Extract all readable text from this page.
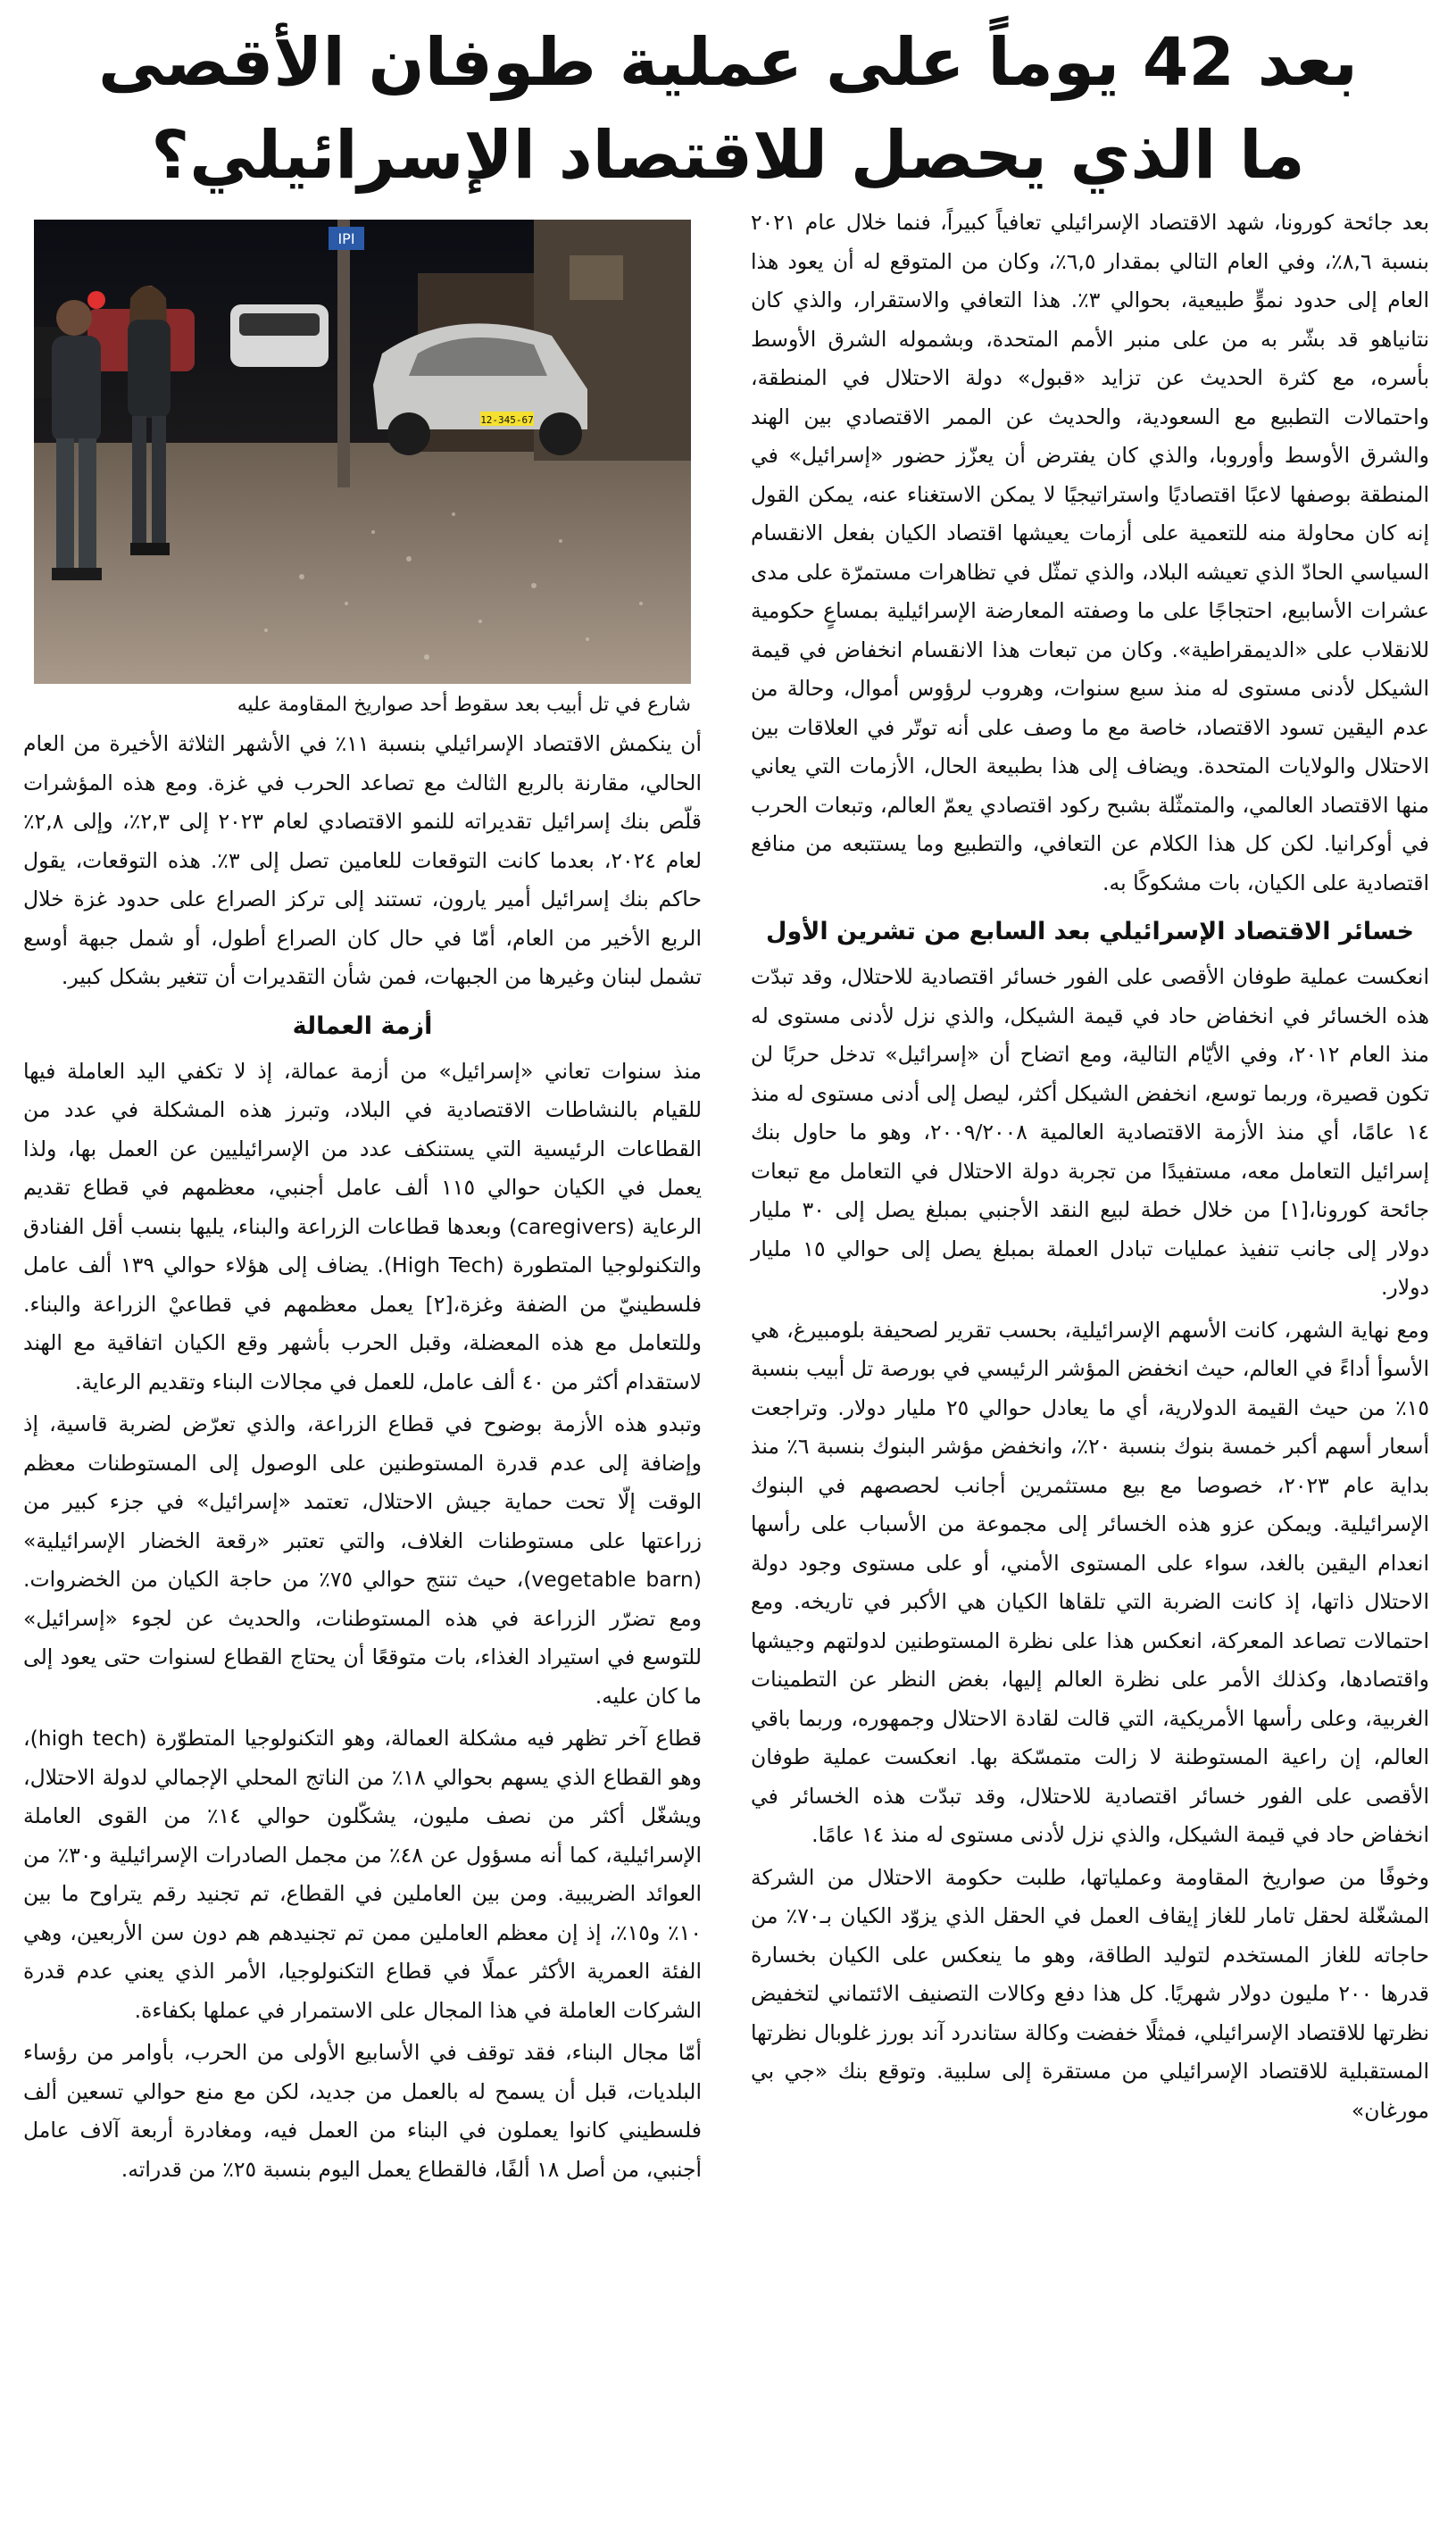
بعد 42 يوماً على عملية طوفان الأقصى
ما الذي يحصل للاقتصاد الإسرائيلي؟

بعد جائحة كورونا، شهد الاقتصاد الإسرائيلي تعافياً كبيراً، فنما خلال عام ٢٠٢١ بنسبة ٨,٦٪، وفي العام التالي بمقدار ٦,٥٪، وكان من المتوقع له أن يعود هذا العام إلى حدود نموٍّ طبيعية، بحوالي ٣٪. هذا التعافي والاستقرار، والذي كان نتانياهو قد بشّر به من على منبر الأمم المتحدة، وبشموله الشرق الأوسط بأسره، مع كثرة الحديث عن تزايد «قبول» دولة الاحتلال في المنطقة، واحتمالات التطبيع مع السعودية، والحديث عن الممر الاقتصادي بين الهند والشرق الأوسط وأوروبا، والذي كان يفترض أن يعزّز حضور «إسرائيل» في المنطقة بوصفها لاعبًا اقتصاديًا واستراتيجيًا لا يمكن الاستغناء عنه، يمكن القول إنه كان محاولة منه للتعمية على أزمات يعيشها اقتصاد الكيان بفعل الانقسام السياسي الحادّ الذي تعيشه البلاد، والذي تمثّل في تظاهرات مستمرّة على مدى عشرات الأسابيع، احتجاجًا على ما وصفته المعارضة الإسرائيلية بمساعٍ حكومية للانقلاب على «الديمقراطية». وكان من تبعات هذا الانقسام انخفاض في قيمة الشيكل لأدنى مستوى له منذ سبع سنوات، وهروب لرؤوس أموال، وحالة من عدم اليقين تسود الاقتصاد، خاصة مع ما وصف على أنه توتّر في العلاقات بين الاحتلال والولايات المتحدة. ويضاف إلى هذا بطبيعة الحال، الأزمات التي يعاني منها الاقتصاد العالمي، والمتمثّلة بشبح ركود اقتصادي يعمّ العالم، وتبعات الحرب في أوكرانيا. لكن كل هذا الكلام عن التعافي، والتطبيع وما يستتبعه من منافع اقتصادية على الكيان، بات مشكوكًا به.

خسائر الاقتصاد الإسرائيلي بعد السابع من تشرين الأول

انعكست عملية طوفان الأقصى على الفور خسائر اقتصادية للاحتلال، وقد تبدّت هذه الخسائر في انخفاض حاد في قيمة الشيكل، والذي نزل لأدنى مستوى له منذ العام ٢٠١٢، وفي الأيّام التالية، ومع اتضاح أن «إسرائيل» تدخل حربًا لن تكون قصيرة، وربما توسع، انخفض الشيكل أكثر، ليصل إلى أدنى مستوى له منذ ١٤ عامًا، أي منذ الأزمة الاقتصادية العالمية ٢٠٠٩/٢٠٠٨، وهو ما حاول بنك إسرائيل التعامل معه، مستفيدًا من تجربة دولة الاحتلال في التعامل مع تبعات جائحة كورونا،[١] من خلال خطة لبيع النقد الأجنبي بمبلغ يصل إلى ٣٠ مليار دولار إلى جانب تنفيذ عمليات تبادل العملة بمبلغ يصل إلى حوالي ١٥ مليار دولار.

ومع نهاية الشهر، كانت الأسهم الإسرائيلية، بحسب تقرير لصحيفة بلومبيرغ، هي الأسوأ أداءً في العالم، حيث انخفض المؤشر الرئيسي في بورصة تل أبيب بنسبة ١٥٪ من حيث القيمة الدولارية، أي ما يعادل حوالي ٢٥ مليار دولار. وتراجعت أسعار أسهم أكبر خمسة بنوك بنسبة ٢٠٪، وانخفض مؤشر البنوك بنسبة ٦٪ منذ بداية عام ٢٠٢٣، خصوصا مع بيع مستثمرين أجانب لحصصهم في البنوك الإسرائيلية. ويمكن عزو هذه الخسائر إلى مجموعة من الأسباب على رأسها انعدام اليقين بالغد، سواء على المستوى الأمني، أو على مستوى وجود دولة الاحتلال ذاتها، إذ كانت الضربة التي تلقاها الكيان هي الأكبر في تاريخه. ومع احتمالات تصاعد المعركة، انعكس هذا على نظرة المستوطنين لدولتهم وجيشها واقتصادها، وكذلك الأمر على نظرة العالم إليها، بغض النظر عن التطمينات الغربية، وعلى رأسها الأمريكية، التي قالت لقادة الاحتلال وجمهوره، وربما باقي العالم، إن راعية المستوطنة لا زالت متمسّكة بها. انعكست عملية طوفان الأقصى على الفور خسائر اقتصادية للاحتلال، وقد تبدّت هذه الخسائر في انخفاض حاد في قيمة الشيكل، والذي نزل لأدنى مستوى له منذ ١٤ عامًا.

وخوفًا من صواريخ المقاومة وعملياتها، طلبت حكومة الاحتلال من الشركة المشغّلة لحقل تامار للغاز إيقاف العمل في الحقل الذي يزوّد الكيان بـ٧٠٪ من حاجاته للغاز المستخدم لتوليد الطاقة، وهو ما ينعكس على الكيان بخسارة قدرها ٢٠٠ مليون دولار شهريًا. كل هذا دفع وكالات التصنيف الائتماني لتخفيض نظرتها للاقتصاد الإسرائيلي، فمثلًا خفضت وكالة ستاندرد آند بورز غلوبال نظرتها المستقبلية للاقتصاد الإسرائيلي من مستقرة إلى سلبية. وتوقع بنك «جي بي مورغان»

IPI
12-345-67
شارع في تل أبيب بعد سقوط أحد صواريخ المقاومة عليه

أن ينكمش الاقتصاد الإسرائيلي بنسبة ١١٪ في الأشهر الثلاثة الأخيرة من العام الحالي، مقارنة بالربع الثالث مع تصاعد الحرب في غزة. ومع هذه المؤشرات قلّص بنك إسرائيل تقديراته للنمو الاقتصادي لعام ٢٠٢٣ إلى ٢,٣٪، وإلى ٢,٨٪ لعام ٢٠٢٤، بعدما كانت التوقعات للعامين تصل إلى ٣٪. هذه التوقعات، يقول حاكم بنك إسرائيل أمير يارون، تستند إلى تركز الصراع على حدود غزة خلال الربع الأخير من العام، أمّا في حال كان الصراع أطول، أو شمل جبهة أوسع تشمل لبنان وغيرها من الجبهات، فمن شأن التقديرات أن تتغير بشكل كبير.

أزمة العمالة

منذ سنوات تعاني «إسرائيل» من أزمة عمالة، إذ لا تكفي اليد العاملة فيها للقيام بالنشاطات الاقتصادية في البلاد، وتبرز هذه المشكلة في عدد من القطاعات الرئيسية التي يستنكف عدد من الإسرائيليين عن العمل بها، ولذا يعمل في الكيان حوالي ١١٥ ألف عامل أجنبي، معظمهم في قطاع تقديم الرعاية (caregivers) وبعدها قطاعات الزراعة والبناء، يليها بنسب أقل الفنادق والتكنولوجيا المتطورة (High Tech). يضاف إلى هؤلاء حوالي ١٣٩ ألف عامل فلسطينيّ من الضفة وغزة،[٢] يعمل معظمهم في قطاعيْ الزراعة والبناء. وللتعامل مع هذه المعضلة، وقبل الحرب بأشهر وقع الكيان اتفاقية مع الهند لاستقدام أكثر من ٤٠ ألف عامل، للعمل في مجالات البناء وتقديم الرعاية.

وتبدو هذه الأزمة بوضوح في قطاع الزراعة، والذي تعرّض لضربة قاسية، إذ وإضافة إلى عدم قدرة المستوطنين على الوصول إلى المستوطنات معظم الوقت إلّا تحت حماية جيش الاحتلال، تعتمد «إسرائيل» في جزء كبير من زراعتها على مستوطنات الغلاف، والتي تعتبر «رقعة الخضار الإسرائيلية» (vegetable barn)، حيث تنتج حوالي ٧٥٪ من حاجة الكيان من الخضروات. ومع تضرّر الزراعة في هذه المستوطنات، والحديث عن لجوء «إسرائيل» للتوسع في استيراد الغذاء، بات متوقعًا أن يحتاج القطاع لسنوات حتى يعود إلى ما كان عليه.

قطاع آخر تظهر فيه مشكلة العمالة، وهو التكنولوجيا المتطوّرة (high tech)، وهو القطاع الذي يسهم بحوالي ١٨٪ من الناتج المحلي الإجمالي لدولة الاحتلال، ويشغّل أكثر من نصف مليون، يشكّلون حوالي ١٤٪ من القوى العاملة الإسرائيلية، كما أنه مسؤول عن ٤٨٪ من مجمل الصادرات الإسرائيلية و٣٠٪ من العوائد الضريبية. ومن بين العاملين في القطاع، تم تجنيد رقم يتراوح ما بين ١٠٪ و١٥٪، إذ إن معظم العاملين ممن تم تجنيدهم هم دون سن الأربعين، وهي الفئة العمرية الأكثر عملًا في قطاع التكنولوجيا، الأمر الذي يعني عدم قدرة الشركات العاملة في هذا المجال على الاستمرار في عملها بكفاءة.

أمّا مجال البناء، فقد توقف في الأسابيع الأولى من الحرب، بأوامر من رؤساء البلديات، قبل أن يسمح له بالعمل من جديد، لكن مع منع حوالي تسعين ألف فلسطيني كانوا يعملون في البناء من العمل فيه، ومغادرة أربعة آلاف عامل أجنبي، من أصل ١٨ ألفًا، فالقطاع يعمل اليوم بنسبة ٢٥٪ من قدراته.
